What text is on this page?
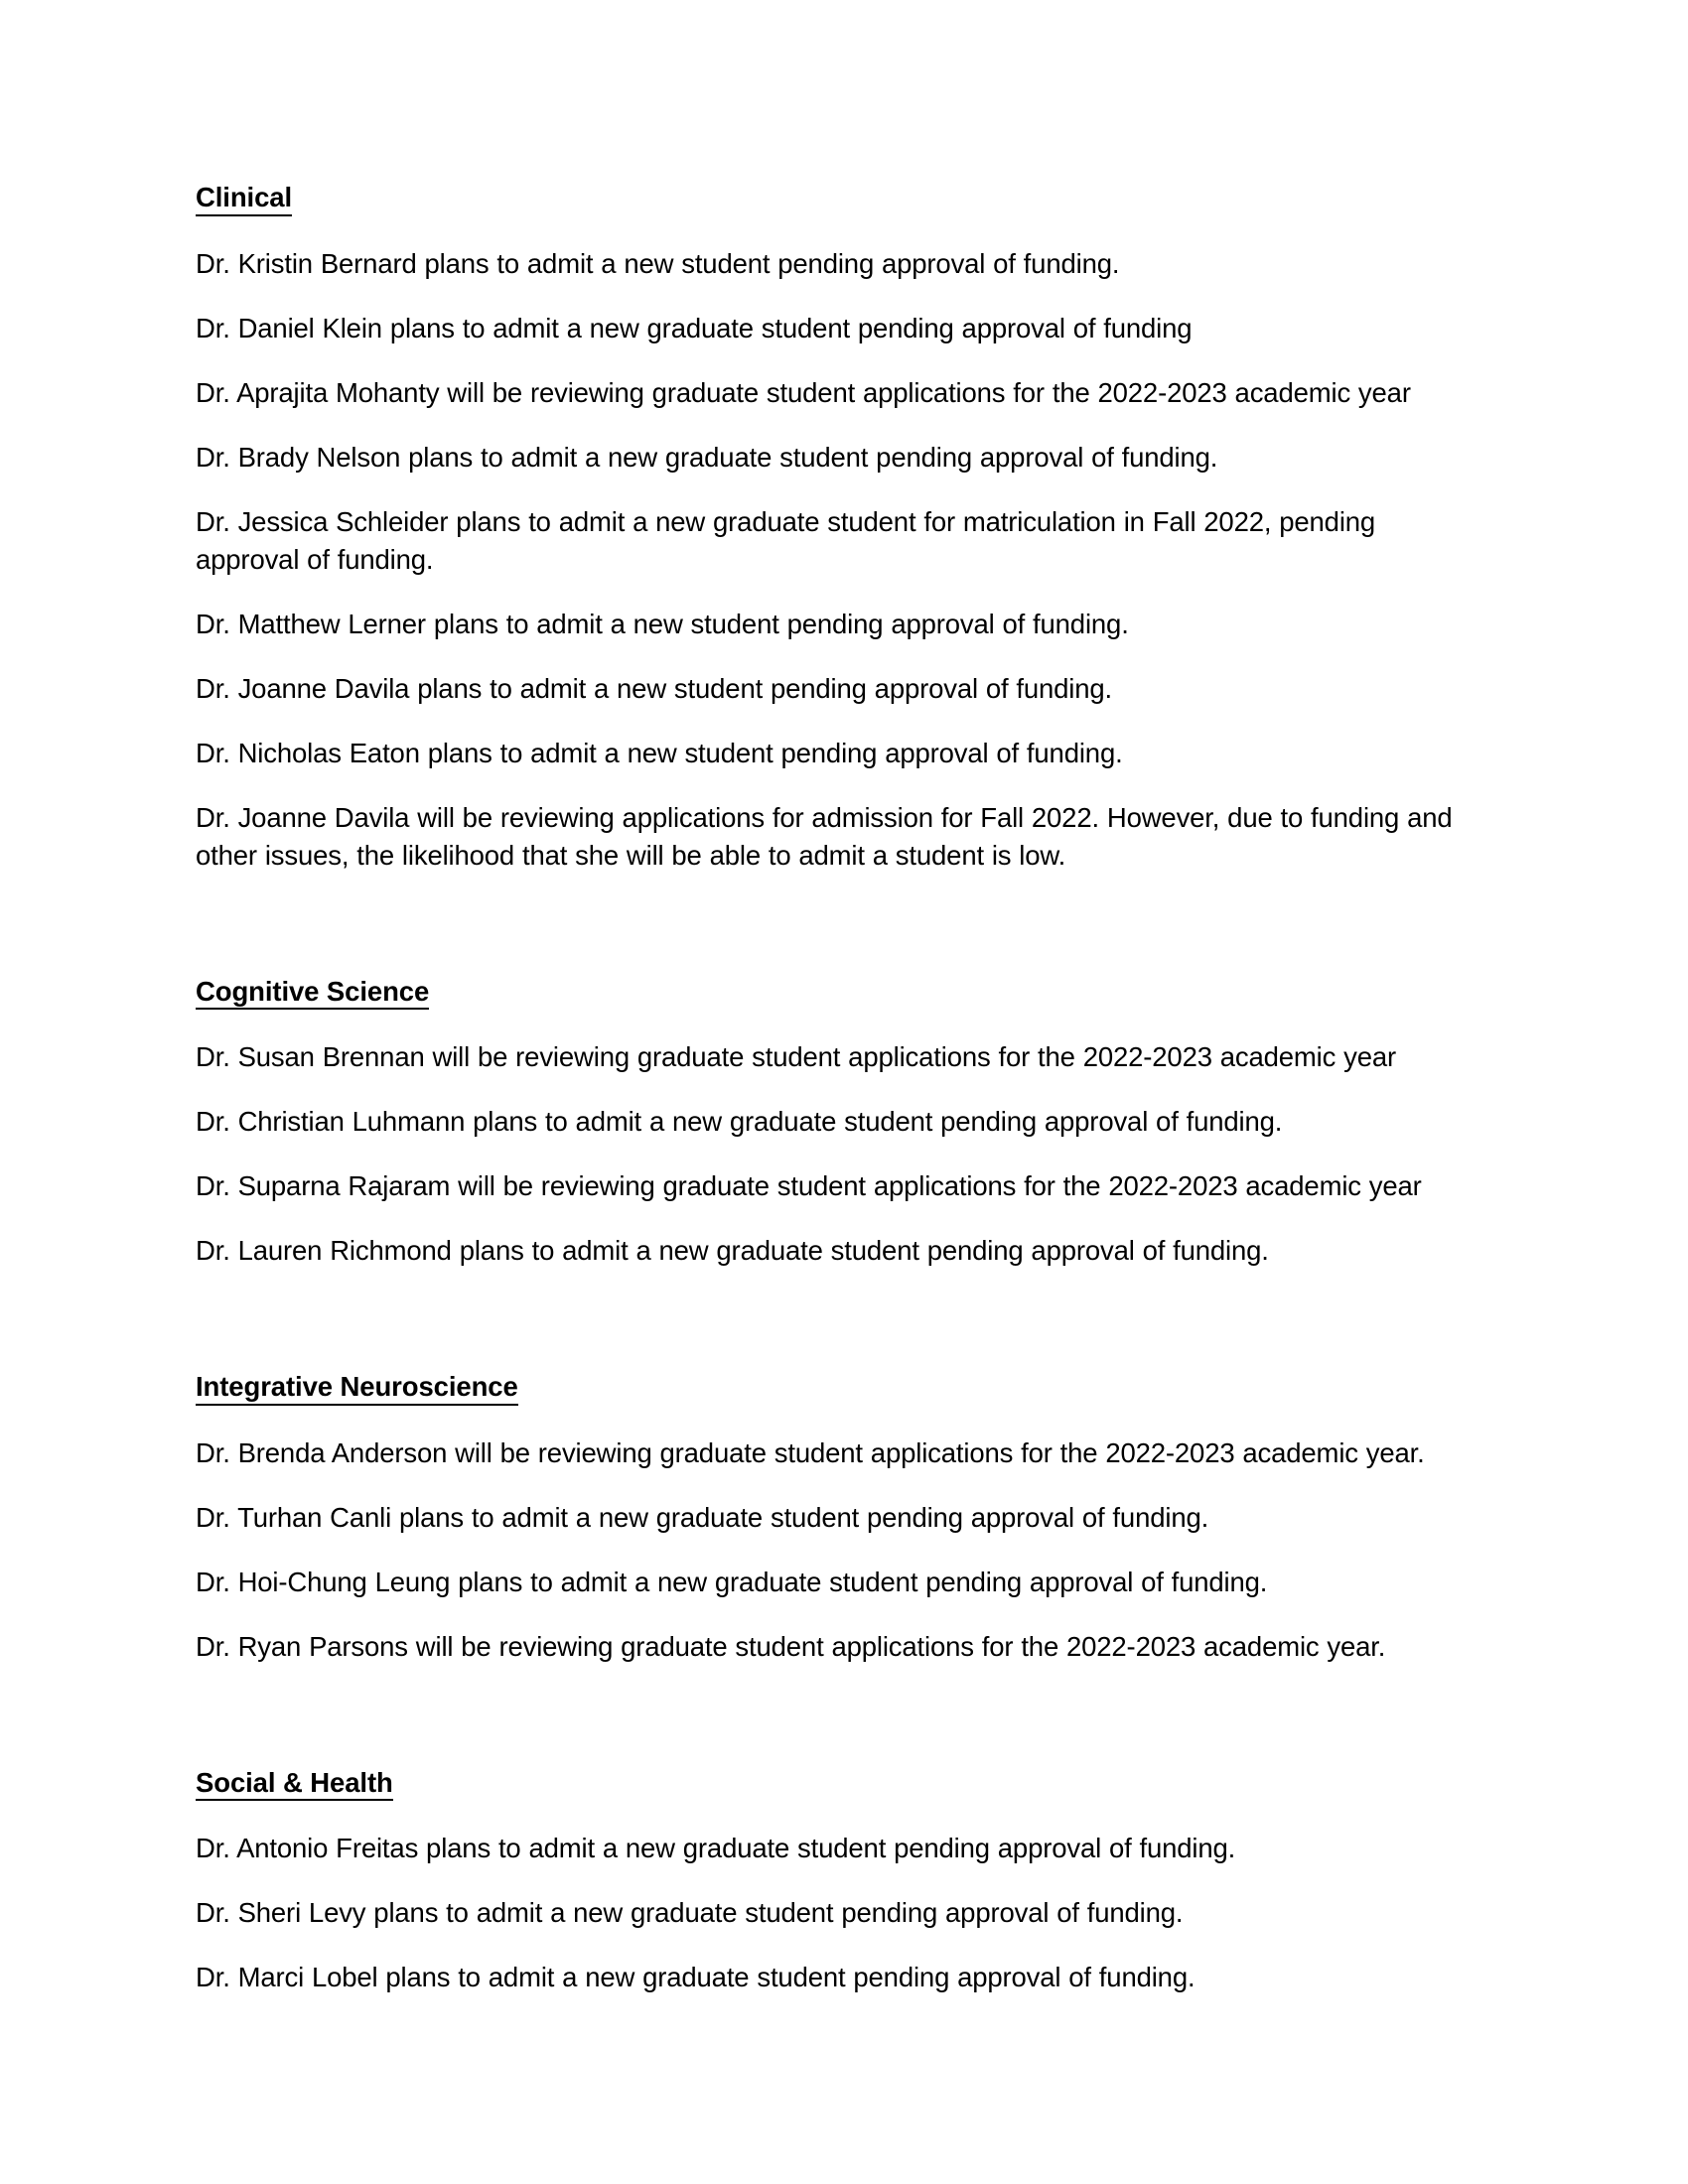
Clinical

Dr. Kristin Bernard plans to admit a new student pending approval of funding.

Dr. Daniel Klein plans to admit a new graduate student pending approval of funding

Dr. Aprajita Mohanty will be reviewing graduate student applications for the 2022-2023 academic year

Dr. Brady Nelson plans to admit a new graduate student pending approval of funding.

Dr. Jessica Schleider plans to admit a new graduate student for matriculation in Fall 2022, pending approval of funding.

Dr. Matthew Lerner plans to admit a new student pending approval of funding.

Dr. Joanne Davila plans to admit a new student pending approval of funding.

Dr. Nicholas Eaton plans to admit a new student pending approval of funding.

Dr. Joanne Davila will be reviewing applications for admission for Fall 2022. However, due to funding and other issues, the likelihood that she will be able to admit a student is low.

Cognitive Science

Dr. Susan Brennan will be reviewing graduate student applications for the 2022-2023 academic year

Dr. Christian Luhmann plans to admit a new graduate student pending approval of funding.

Dr. Suparna Rajaram will be reviewing graduate student applications for the 2022-2023 academic year

Dr. Lauren Richmond plans to admit a new graduate student pending approval of funding.

Integrative Neuroscience

Dr. Brenda Anderson will be reviewing graduate student applications for the 2022-2023 academic year.

Dr. Turhan Canli plans to admit a new graduate student pending approval of funding.

Dr. Hoi-Chung Leung plans to admit a new graduate student pending approval of funding.

Dr. Ryan Parsons will be reviewing graduate student applications for the 2022-2023 academic year.

Social & Health

Dr. Antonio Freitas plans to admit a new graduate student pending approval of funding.

Dr. Sheri Levy plans to admit a new graduate student pending approval of funding.

Dr. Marci Lobel plans to admit a new graduate student pending approval of funding.
